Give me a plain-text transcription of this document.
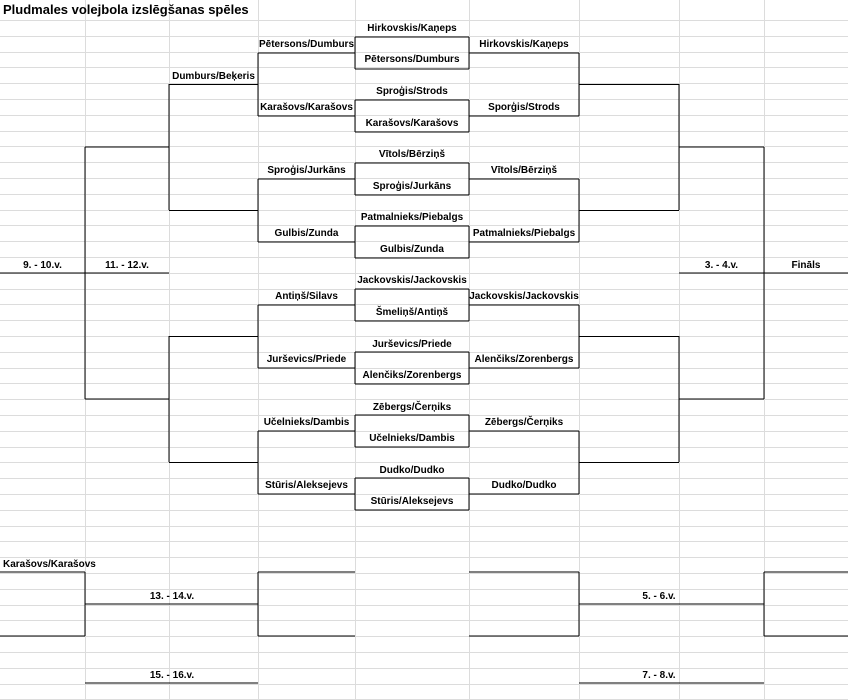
Pludmales volejbola izslēgšanas spēles
Hirkovskis/Kaņeps
Pētersons/Dumburs
Sproģis/Strods
Karašovs/Karašovs
Vītols/Bērziņš
Sproģis/Jurkāns
Patmalnieks/Piebalgs
Gulbis/Zunda
Jackovskis/Jackovskis
Šmeliņš/Antiņš
Jurševics/Priede
Alenčiks/Zorenbergs
Zēbergs/Čerņiks
Učelnieks/Dambis
Dudko/Dudko
Stūris/Aleksejevs
Hirkovskis/Kaņeps
Sporģis/Strods
Vītols/Bērziņš
Patmalnieks/Piebalgs
Jackovskis/Jackovskis
Alenčiks/Zorenbergs
Zēbergs/Čerņiks
Dudko/Dudko
Pētersons/Dumburs
Karašovs/Karašovs
Sproģis/Jurkāns
Gulbis/Zunda
Antiņš/Silavs
Jurševics/Priede
Učelnieks/Dambis
Stūris/Aleksejevs
Dumburs/Beķeris
9. - 10.v.	11. - 12.v.	3. - 4.v.	Fināls
Karašovs/Karašovs
13. - 14.v.	5. - 6.v.
15. - 16.v.	7. - 8.v.
